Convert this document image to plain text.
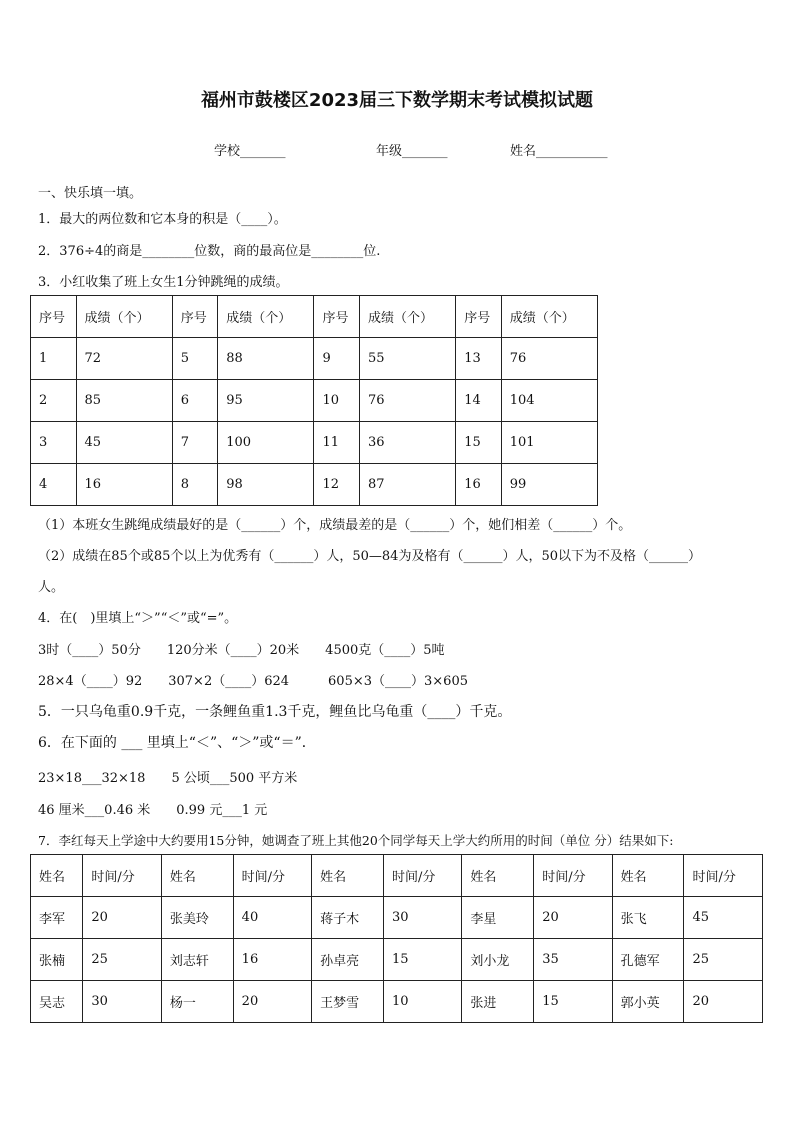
福州市鼓楼区2023届三下数学期末考试模拟试题
学校_______	年级_______	姓名___________
一、快乐填一填。
1．最大的两位数和它本身的积是（____）。
2．376÷4的商是________位数，商的最高位是________位.
3．小红收集了班上女生1分钟跳绳的成绩。
序号	成绩（个）	序号	成绩（个）	序号	成绩（个）	序号	成绩（个）
1	72	5	88	9	55	13	76
2	85	6	95	10	76	14	104
3	45	7	100	11	36	15	101
4	16	8	98	12	87	16	99
（1）本班女生跳绳成绩最好的是（______）个，成绩最差的是（______）个，她们相差（______）个。
（2）成绩在85个或85个以上为优秀有（______）人，50—84为及格有（______）人，50以下为不及格（______）
人。
4．在(　)里填上“＞”“＜”或“=”。
3时（____）50分　　120分米（____）20米　　4500克（____）5吨
28×4（____）92　　307×2（____）624　　　605×3（____）3×605
5．一只乌龟重0.9千克，一条鲤鱼重1.3千克，鲤鱼比乌龟重（____）千克。
6．在下面的 ___ 里填上“＜”、“＞”或“＝”．
23×18___32×18　　5 公顷___500 平方米
46 厘米___0.46 米　　0.99 元___1 元
7．李红每天上学途中大约要用15分钟，她调查了班上其他20个同学每天上学大约所用的时间（单位 分）结果如下:
姓名	时间/分	姓名	时间/分	姓名	时间/分	姓名	时间/分	姓名	时间/分
李军	20	张美玲	40	蒋子木	30	李星	20	张飞	45
张楠	25	刘志轩	16	孙卓亮	15	刘小龙	35	孔德军	25
吴志	30	杨一	20	王梦雪	10	张进	15	郭小英	20
